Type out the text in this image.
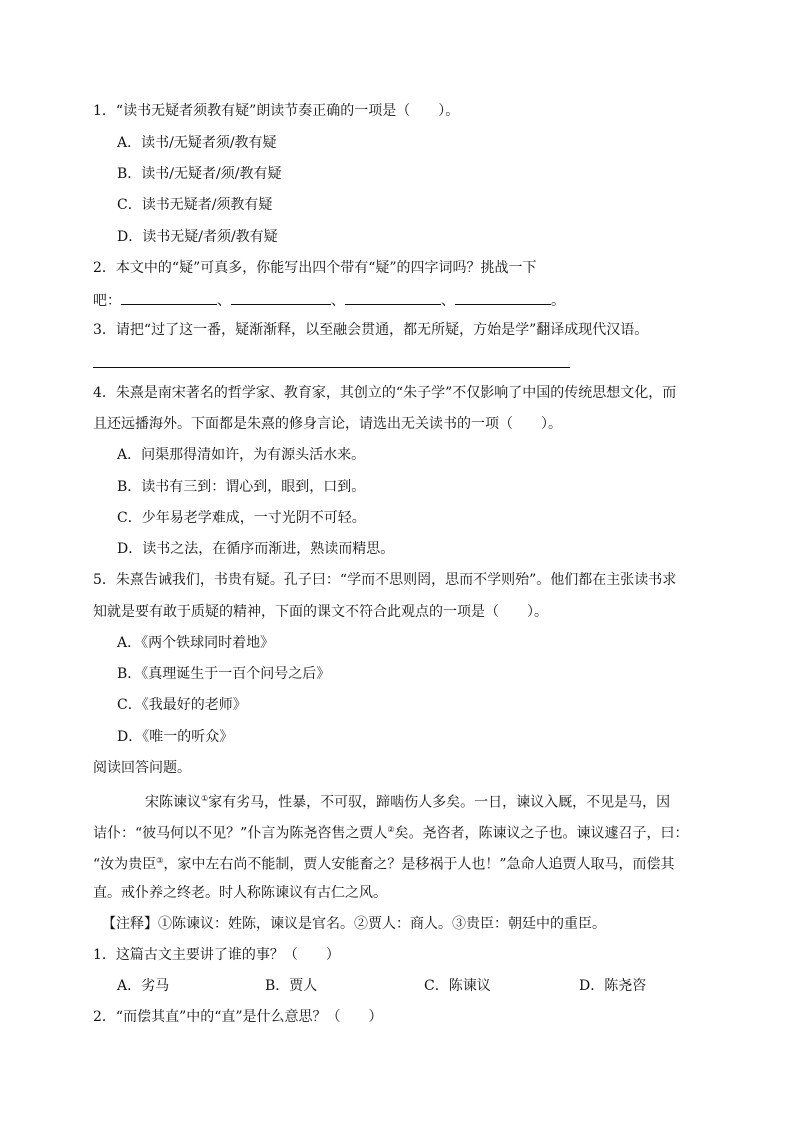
1．“读书无疑者须教有疑”朗读节奏正确的一项是（　　）。
A．读书/无疑者须/教有疑
B．读书/无疑者/须/教有疑
C．读书无疑者/须教有疑
D．读书无疑/者须/教有疑
2．本文中的“疑”可真多，你能写出四个带有“疑”的四字词吗？挑战一下
吧：	、	、	、	。
3．请把“过了这一番，疑渐渐释，以至融会贯通，都无所疑，方始是学”翻译成现代汉语。
4．朱熹是南宋著名的哲学家、教育家，其创立的“朱子学”不仅影响了中国的传统思想文化，而
且还远播海外。下面都是朱熹的修身言论，请选出无关读书的一项（　　）。
A．问渠那得清如许，为有源头活水来。
B．读书有三到：谓心到，眼到，口到。
C．少年易老学难成，一寸光阴不可轻。
D．读书之法，在循序而渐进，熟读而精思。
5．朱熹告诫我们，书贵有疑。孔子曰：“学而不思则罔，思而不学则殆”。他们都在主张读书求
知就是要有敢于质疑的精神，下面的课文不符合此观点的一项是（　　）。
A．《两个铁球同时着地》
B．《真理诞生于一百个问号之后》
C．《我最好的老师》
D．《唯一的听众》
阅读回答问题。
宋陈谏议①家有劣马，性暴，不可驭，蹄啮伤人多矣。一日，谏议入厩，不见是马，因
诘仆：“彼马何以不见？”仆言为陈尧咨售之贾人②矣。尧咨者，陈谏议之子也。谏议遽召子，曰：
“汝为贵臣③，家中左右尚不能制，贾人安能畜之？是移祸于人也！”急命人追贾人取马，而偿其
直。戒仆养之终老。时人称陈谏议有古仁之风。
【注释】①陈谏议：姓陈，谏议是官名。②贾人：商人。③贵臣：朝廷中的重臣。
1．这篇古文主要讲了谁的事？（　　）
A．劣马	B．贾人	C．陈谏议	D．陈尧咨
2．“而偿其直”中的“直”是什么意思？（　　）
